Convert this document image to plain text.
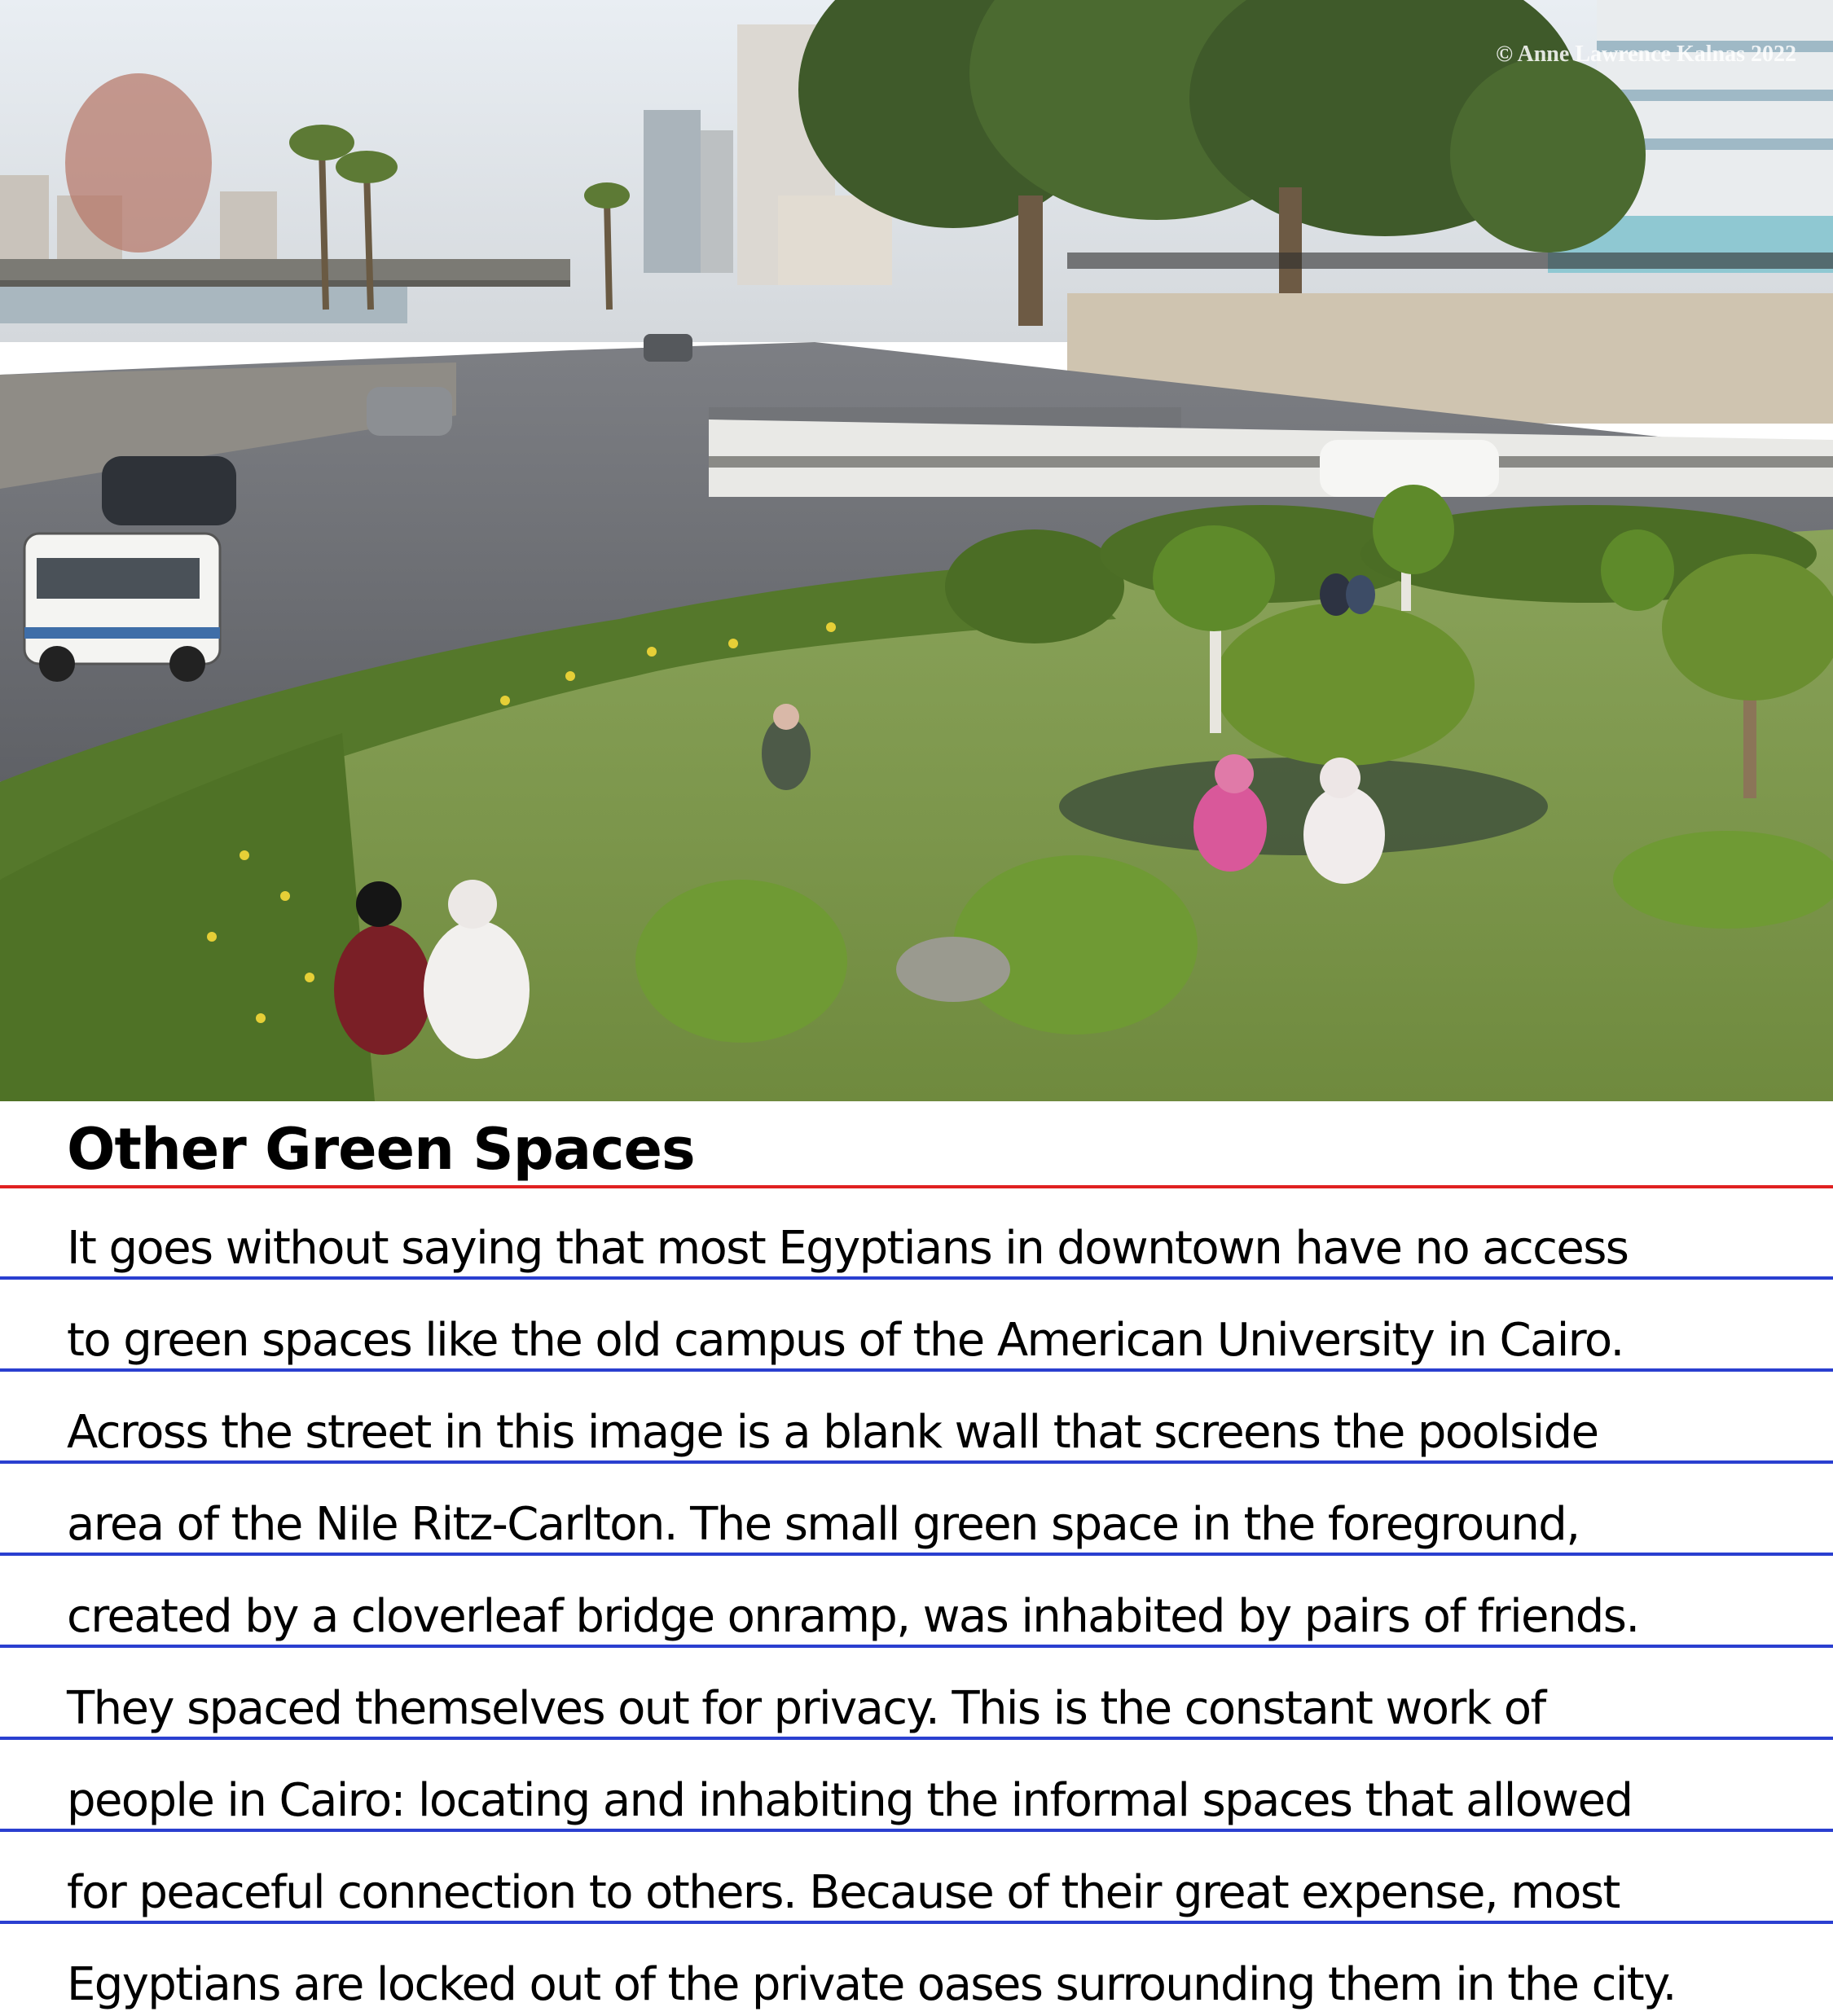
© Anne Lawrence Kalnas 2022
Other Green Spaces
It goes without saying that most Egyptians in downtown have no access
to green spaces like the old campus of the American University in Cairo.
Across the street in this image is a blank wall that screens the poolside
area of the Nile Ritz-Carlton. The small green space in the foreground,
created by a cloverleaf bridge onramp, was inhabited by pairs of friends.
They spaced themselves out for privacy. This is the constant work of
people in Cairo: locating and inhabiting the informal spaces that allowed
for peaceful connection to others. Because of their great expense, most
Egyptians are locked out of the private oases surrounding them in the city.
